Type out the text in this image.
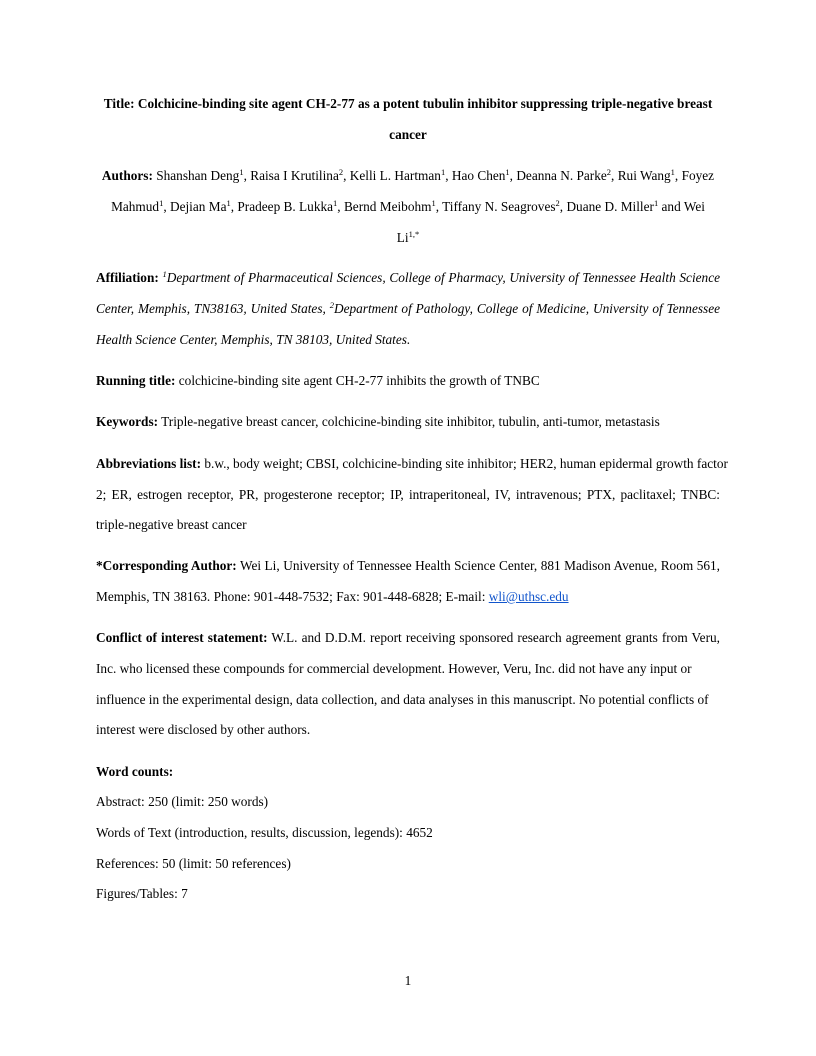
Title: Colchicine-binding site agent CH-2-77 as a potent tubulin inhibitor suppressing triple-negative breast
cancer
Authors: Shanshan Deng$^1$, Raisa I Krutilina$^2$, Kelli L. Hartman$^1$, Hao Chen$^1$, Deanna N. Parke$^2$, Rui Wang$^1$, Foyez
Mahmud$^1$, Dejian Ma$^1$, Pradeep B. Lukka$^1$, Bernd Meibohm$^1$, Tiffany N. Seagroves$^2$, Duane D. Miller$^1$ and Wei
$Li^{1,*}$
Affiliation: $^1$Department of Pharmaceutical Sciences, College of Pharmacy, University of Tennessee Health Science
Center, Memphis, TN38163, United States, $^2$Department of Pathology, College of Medicine, University of Tennessee
Health Science Center, Memphis, TN 38103, United States.
Running title: colchicine-binding site agent CH-2-77 inhibits the growth of TNBC
Keywords: Triple-negative breast cancer, colchicine-binding site inhibitor, tubulin, anti-tumor, metastasis
Abbreviations list: b.w., body weight; CBSI, colchicine-binding site inhibitor; HER2, human epidermal growth factor
2; ER, estrogen receptor, PR, progesterone receptor; IP, intraperitoneal, IV, intravenous; PTX, paclitaxel; TNBC:
triple-negative breast cancer
*Corresponding Author: Wei Li, University of Tennessee Health Science Center, 881 Madison Avenue, Room 561,
Memphis, TN 38163. Phone: 901-448-7532; Fax: 901-448-6828; E-mail: wli@uthsc.edu
Conflict of interest statement: W.L. and D.D.M. report receiving sponsored research agreement grants from Veru,
Inc. who licensed these compounds for commercial development. However, Veru, Inc. did not have any input or
influence in the experimental design, data collection, and data analyses in this manuscript. No potential conflicts of
interest were disclosed by other authors.
Word counts:
Abstract: 250 (limit: 250 words)
Words of Text (introduction, results, discussion, legends): 4652
References: 50 (limit: 50 references)
Figures/Tables: 7
1
